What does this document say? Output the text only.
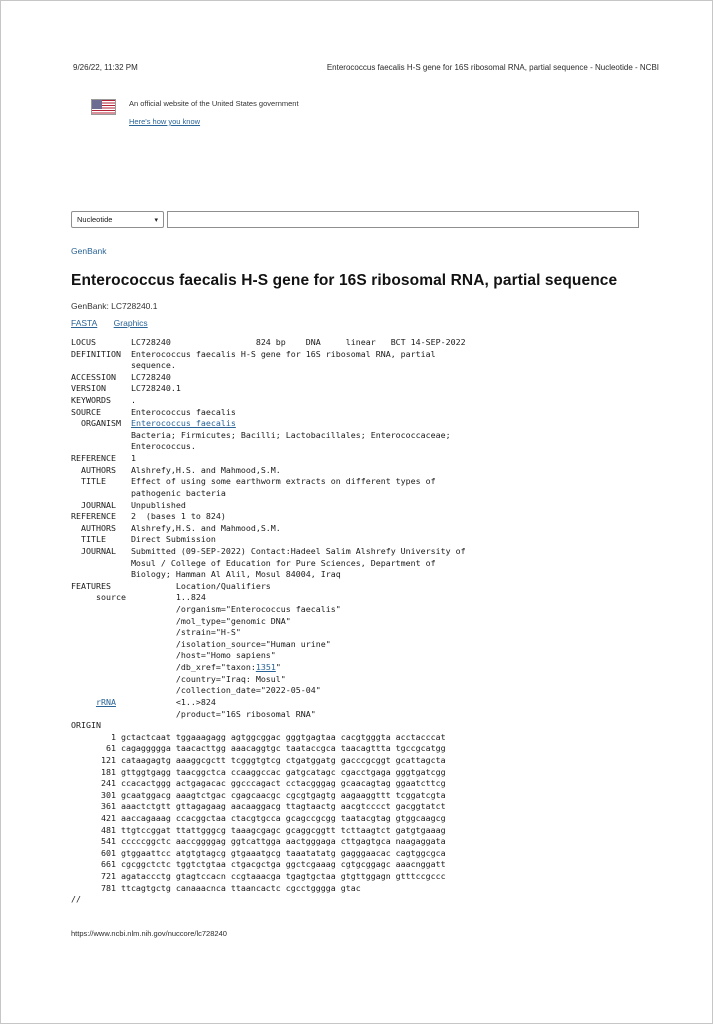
9/26/22, 11:32 PM	Enterococcus faecalis H-S gene for 16S ribosomal RNA, partial sequence - Nucleotide - NCBI
An official website of the United States government
Here's how you know
Nucleotide	▾
GenBank
Enterococcus faecalis H-S gene for 16S ribosomal RNA, partial sequence
GenBank: LC728240.1
FASTA Graphics
LOCUS       LC728240                 824 bp    DNA     linear   BCT 14-SEP-2022
DEFINITION  Enterococcus faecalis H-S gene for 16S ribosomal RNA, partial
sequence.
ACCESSION   LC728240
VERSION     LC728240.1
KEYWORDS    .
SOURCE      Enterococcus faecalis
ORGANISM  Enterococcus faecalis
Bacteria; Firmicutes; Bacilli; Lactobacillales; Enterococcaceae;
Enterococcus.
REFERENCE   1
AUTHORS   Alshrefy,H.S. and Mahmood,S.M.
TITLE     Effect of using some earthworm extracts on different types of
pathogenic bacteria
JOURNAL   Unpublished
REFERENCE   2  (bases 1 to 824)
AUTHORS   Alshrefy,H.S. and Mahmood,S.M.
TITLE     Direct Submission
JOURNAL   Submitted (09-SEP-2022) Contact:Hadeel Salim Alshrefy University of
Mosul / College of Education for Pure Sciences, Department of
Biology; Hamman Al Alil, Mosul 84004, Iraq
FEATURES             Location/Qualifiers
source          1..824
/organism="Enterococcus faecalis"
/mol_type="genomic DNA"
/strain="H-S"
/isolation_source="Human urine"
/host="Homo sapiens"
/db_xref="taxon:1351"
/country="Iraq: Mosul"
/collection_date="2022-05-04"
rRNA            <1..>824
/product="16S ribosomal RNA"
ORIGIN
1 gctactcaat tggaaagagg agtggcggac gggtgagtaa cacgtgggta acctacccat
61 cagaggggga taacacttgg aaacaggtgc taataccgca taacagttta tgccgcatgg
121 cataagagtg aaaggcgctt tcgggtgtcg ctgatggatg gacccgcggt gcattagcta
181 gttggtgagg taacggctca ccaaggccac gatgcatagc cgacctgaga gggtgatcgg
241 ccacactggg actgagacac ggcccagact cctacgggag gcaacagtag ggaatcttcg
301 gcaatggacg aaagtctgac cgagcaacgc cgcgtgagtg aagaaggttt tcggatcgta
361 aaactctgtt gttagagaag aacaaggacg ttagtaactg aacgtcccct gacggtatct
421 aaccagaaag ccacggctaa ctacgtgcca gcagccgcgg taatacgtag gtggcaagcg
481 ttgtccggat ttattgggcg taaagcgagc gcaggcggtt tcttaagtct gatgtgaaag
541 cccccggctc aaccggggag ggtcattgga aactgggaga cttgagtgca naagaggata
601 gtggaattcc atgtgtagcg gtgaaatgcg taaatatatg gagggaacac cagtggcgca
661 cgcggctctc tggtctgtaa ctgacgctga ggctcgaaag cgtgcggagc aaacnggatt
721 agataccctg gtagtccacn ccgtaaacga tgagtgctaa gtgttggagn gtttccgccc
781 ttcagtgctg canaaacnca ttaancactc cgcctgggga gtac
//
https://www.ncbi.nlm.nih.gov/nuccore/lc728240
